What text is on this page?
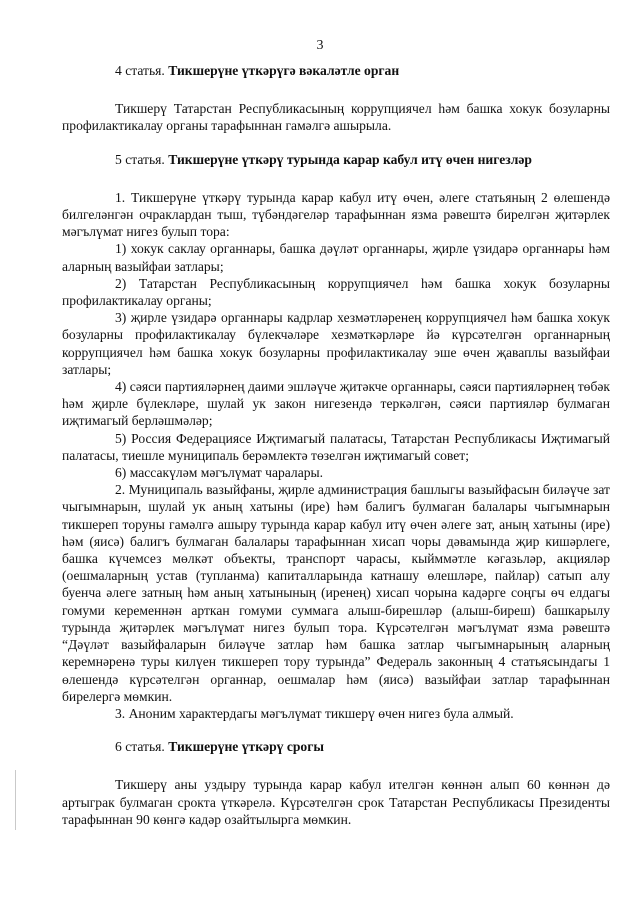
3

4 статья. Тикшерүне үткәрүгә вәкаләтле орган

Тикшерү Татарстан Республикасының коррупциячел һәм башка хокук бозуларны профилактикалау органы тарафыннан гамәлгә ашырыла.

5 статья. Тикшерүне үткәрү турында карар кабул итү өчен нигезләр

1. Тикшерүне үткәрү турында карар кабул итү өчен, әлеге статьяның 2 өлешендә билгеләнгән очраклардан тыш, түбәндәгеләр тарафыннан язма рәвештә бирелгән җитәрлек мәгълүмат нигез булып тора:

1) хокук саклау органнары, башка дәүләт органнары, җирле үзидарә органнары һәм аларның вазыйфаи затлары;

2) Татарстан Республикасының коррупциячел һәм башка хокук бозуларны профилактикалау органы;

3) җирле үзидарә органнары кадрлар хезмәтләренең коррупциячел һәм башка хокук бозуларны профилактикалау бүлекчәләре хезмәткәрләре йә күрсәтелгән органнарның коррупциячел һәм башка хокук бозуларны профилактикалау эше өчен җаваплы вазыйфаи затлары;

4) сәяси партияләрнең даими эшләүче җитәкче органнары, сәяси партияләрнең төбәк һәм җирле бүлекләре, шулай ук закон нигезендә теркәлгән, сәяси партияләр булмаган иҗтимагый берләшмәләр;

5) Россия Федерациясе Иҗтимагый палатасы, Татарстан Республикасы Иҗтимагый палатасы, тиешле муниципаль берәмлектә төзелгән иҗтимагый совет;

6) массакүләм мәгълүмат чаралары.

2. Муниципаль вазыйфаны, җирле администрация башлыгы вазыйфасын биләүче зат чыгымнарын, шулай ук аның хатыны (ире) һәм балигъ булмаган балалары чыгымнарын тикшереп торуны гамәлгә ашыру турында карар кабул итү өчен әлеге зат, аның хатыны (ире) һәм (яисә) балигъ булмаган балалары тарафыннан хисап чоры дәвамында җир кишәрлеге, башка күчемсез мөлкәт объекты, транспорт чарасы, кыйммәтле кәгазьләр, акцияләр (оешмаларның устав (тупланма) капиталларында катнашу өлешләре, пайлар) сатып алу буенча әлеге затның һәм аның хатынының (иренең) хисап чорына кадәрге соңгы өч елдагы гомуми кеременнән арткан гомуми суммага алыш-бирешләр (алыш-биреш) башкарылу турында җитәрлек мәгълүмат нигез булып тора. Күрсәтелгән мәгълүмат язма рәвештә “Дәүләт вазыйфаларын биләүче затлар һәм башка затлар чыгымнарының аларның керемнәренә туры килүен тикшереп тору турында” Федераль законның 4 статьясындагы 1 өлешендә күрсәтелгән органнар, оешмалар һәм (яисә) вазыйфаи затлар тарафыннан бирелергә мөмкин.

3. Аноним характердагы мәгълүмат тикшерү өчен нигез була алмый.

6 статья. Тикшерүне үткәрү срогы

Тикшерү аны уздыру турында карар кабул ителгән көннән алып 60 көннән дә артыграк булмаган срокта үткәрелә. Күрсәтелгән срок Татарстан Республикасы Президенты тарафыннан 90 көнгә кадәр озайтылырга мөмкин.
